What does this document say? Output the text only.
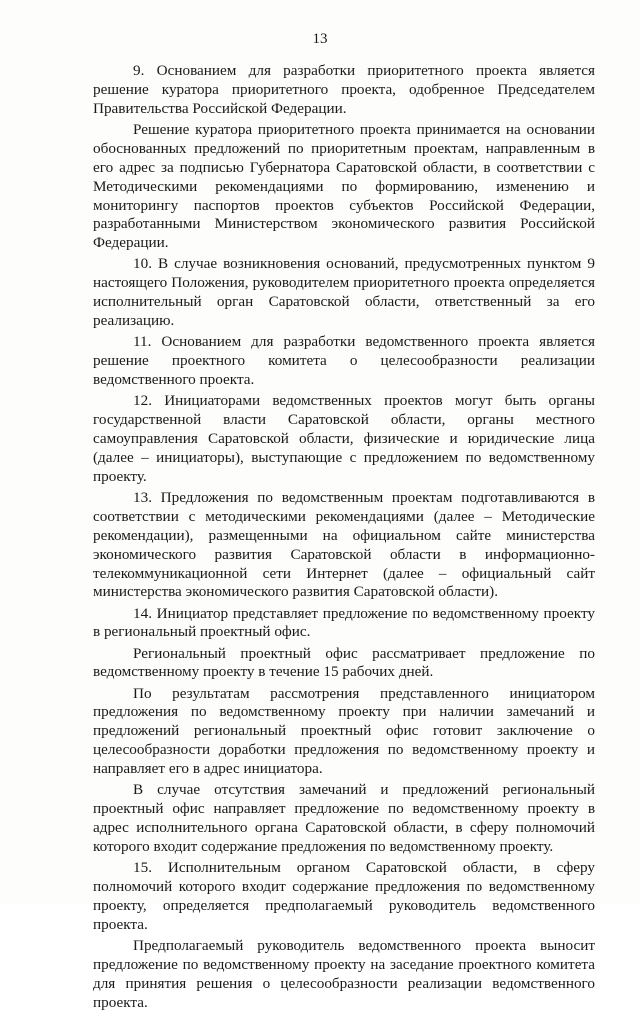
13

9. Основанием для разработки приоритетного проекта является решение куратора приоритетного проекта, одобренное Председателем Правительства Российской Федерации.

Решение куратора приоритетного проекта принимается на основании обоснованных предложений по приоритетным проектам, направленным в его адрес за подписью Губернатора Саратовской области, в соответствии с Методическими рекомендациями по формированию, изменению и мониторингу паспортов проектов субъектов Российской Федерации, разработанными Министерством экономического развития Российской Федерации.

10. В случае возникновения оснований, предусмотренных пунктом 9 настоящего Положения, руководителем приоритетного проекта определяется исполнительный орган Саратовской области, ответственный за его реализацию.

11. Основанием для разработки ведомственного проекта является решение проектного комитета о целесообразности реализации ведомственного проекта.

12. Инициаторами ведомственных проектов могут быть органы государственной власти Саратовской области, органы местного самоуправления Саратовской области, физические и юридические лица (далее – инициаторы), выступающие с предложением по ведомственному проекту.

13. Предложения по ведомственным проектам подготавливаются в соответствии с методическими рекомендациями (далее – Методические рекомендации), размещенными на официальном сайте министерства экономического развития Саратовской области в информационно-телекоммуникационной сети Интернет (далее – официальный сайт министерства экономического развития Саратовской области).

14. Инициатор представляет предложение по ведомственному проекту в региональный проектный офис.

Региональный проектный офис рассматривает предложение по ведомственному проекту в течение 15 рабочих дней.

По результатам рассмотрения представленного инициатором предложения по ведомственному проекту при наличии замечаний и предложений региональный проектный офис готовит заключение о целесообразности доработки предложения по ведомственному проекту и направляет его в адрес инициатора.

В случае отсутствия замечаний и предложений региональный проектный офис направляет предложение по ведомственному проекту в адрес исполнительного органа Саратовской области, в сферу полномочий которого входит содержание предложения по ведомственному проекту.

15. Исполнительным органом Саратовской области, в сферу полномочий которого входит содержание предложения по ведомственному проекту, определяется предполагаемый руководитель ведомственного проекта.

Предполагаемый руководитель ведомственного проекта выносит предложение по ведомственному проекту на заседание проектного комитета для принятия решения о целесообразности реализации ведомственного проекта.
